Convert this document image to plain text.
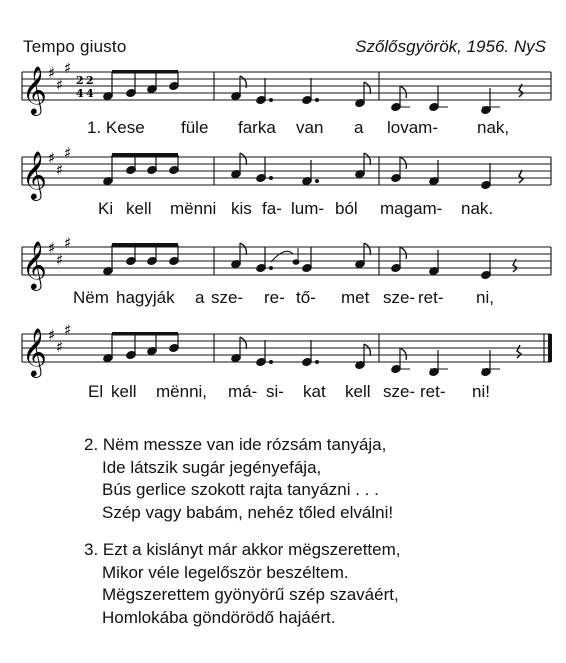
Tempo giusto	Szőlősgyörök, 1956. NyS
𝄞 ♯
♯
♯
2
4
2
4
1. Kese füle farka van a lovam- nak,
𝄞 ♯
♯
♯
Ki kell mënni kis fa- lum- ból magam- nak.
𝄞 ♯
♯
♯
Nëm hagyják a sze- re- tő- met sze- ret- ni,
𝄞 ♯
♯
♯
El kell mënni, má- si- kat kell sze- ret- ni!
2. Nëm messze van ide rózsám tanyája,
Ide látszik sugár jegényefája,
Bús gerlice szokott rajta tanyázni . . .
Szép vagy babám, nehéz tőled elválni!
3. Ezt a kislányt már akkor mëgszerettem,
Mikor véle legelőször beszéltem.
Mëgszerettem gyönyörű szép szaváért,
Homlokába göndörödő hajáért.
